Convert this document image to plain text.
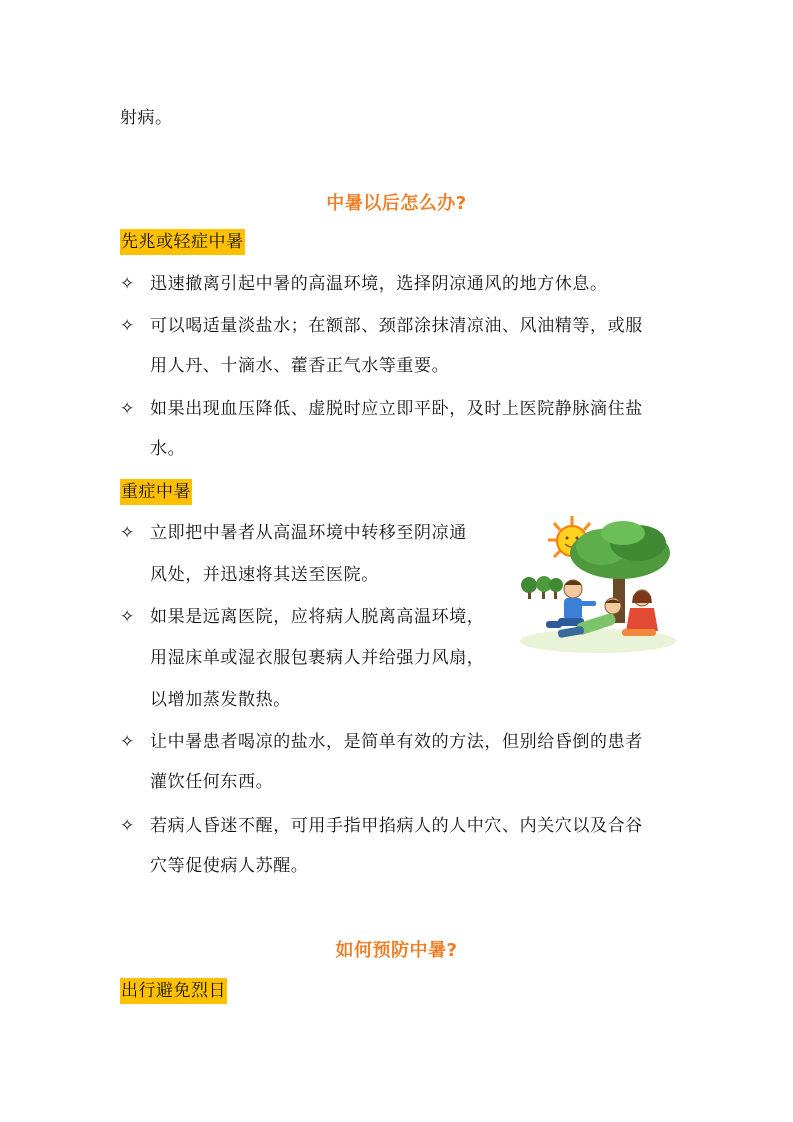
射病。
中暑以后怎么办?
先兆或轻症中暑
✧ 迅速撤离引起中暑的高温环境，选择阴凉通风的地方休息。
✧ 可以喝适量淡盐水；在额部、颈部涂抹清凉油、风油精等，或服
用人丹、十滴水、藿香正气水等重要。
✧ 如果出现血压降低、虚脱时应立即平卧，及时上医院静脉滴住盐
水。
重症中暑
✧ 立即把中暑者从高温环境中转移至阴凉通
风处，并迅速将其送至医院。
✧ 如果是远离医院，应将病人脱离高温环境，
用湿床单或湿衣服包裹病人并给强力风扇，
以增加蒸发散热。
✧ 让中暑患者喝凉的盐水，是简单有效的方法，但别给昏倒的患者
灌饮任何东西。
✧ 若病人昏迷不醒，可用手指甲掐病人的人中穴、内关穴以及合谷
穴等促使病人苏醒。
如何预防中暑?
出行避免烈日
